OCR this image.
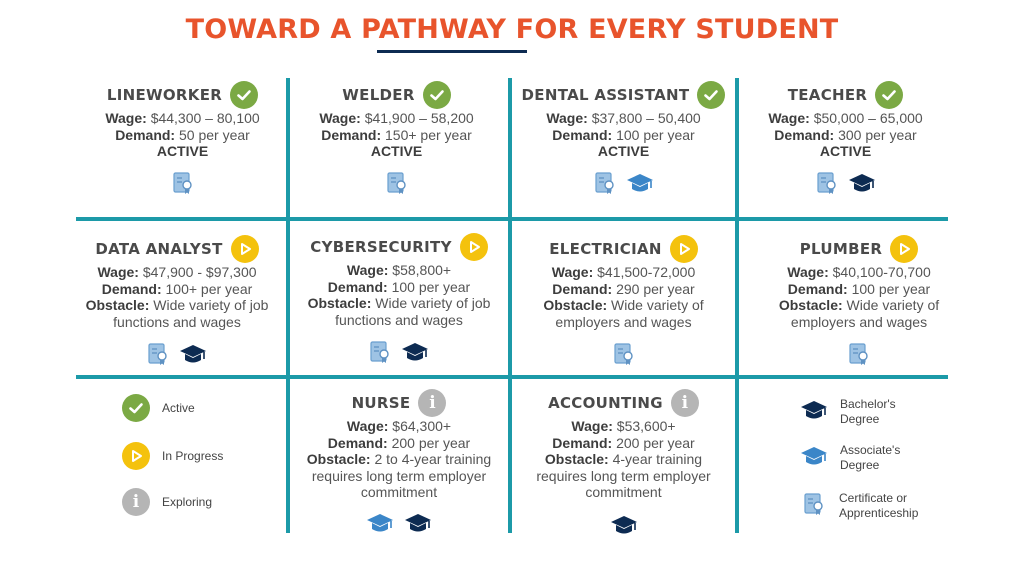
TOWARD A PATHWAY FOR EVERY STUDENT
LINEWORKER
Wage: $44,300 – 80,100
Demand: 50 per year
ACTIVE
WELDER
Wage: $41,900 – 58,200
Demand: 150+ per year
ACTIVE
DENTAL ASSISTANT
Wage: $37,800 – 50,400
Demand: 100 per year
ACTIVE
TEACHER
Wage: $50,000 – 65,000
Demand: 300 per year
ACTIVE
DATA ANALYST
Wage: $47,900 - $97,300
Demand: 100+ per year
Obstacle: Wide variety of job functions and wages
CYBERSECURITY
Wage: $58,800+
Demand: 100 per year
Obstacle: Wide variety of job functions and wages
ELECTRICIAN
Wage: $41,500-72,000
Demand: 290 per year
Obstacle: Wide variety of employers and wages
PLUMBER
Wage: $40,100-70,700
Demand: 100 per year
Obstacle: Wide variety of employers and wages
Active
In Progress
i Exploring
NURSE i
Wage: $64,300+
Demand: 200 per year
Obstacle: 2 to 4-year training requires long term employer commitment
ACCOUNTING i
Wage: $53,600+
Demand: 200 per year
Obstacle: 4-year training requires long term employer commitment
Bachelor's
Degree
Associate's
Degree
Certificate or
Apprenticeship
